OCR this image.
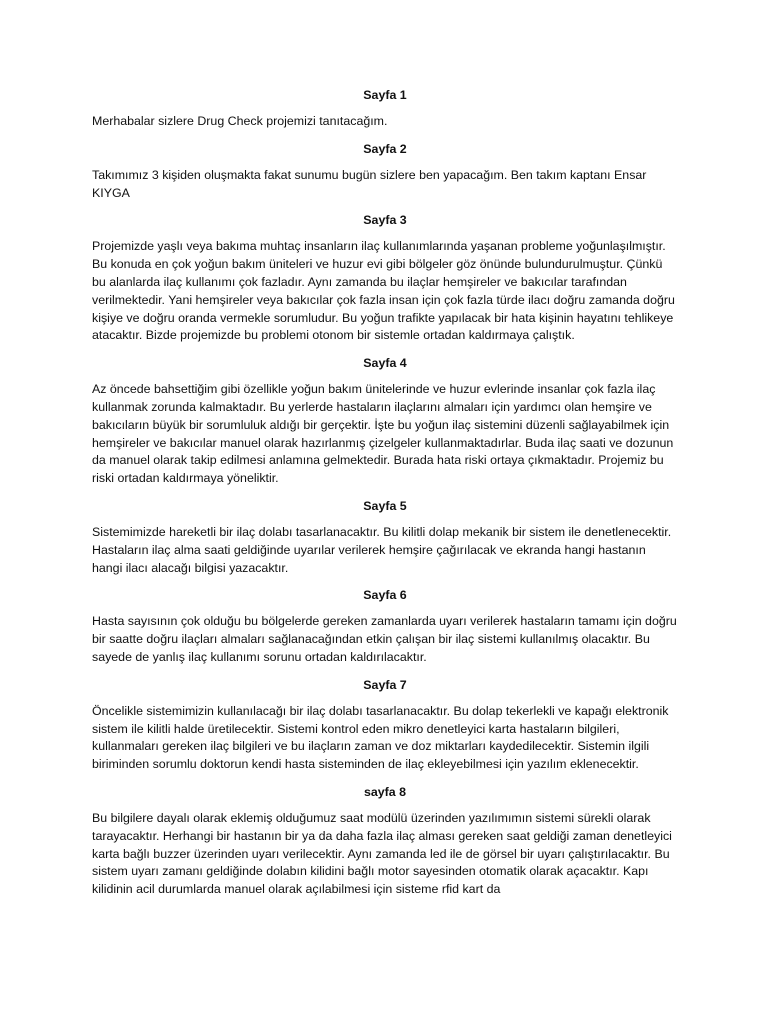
Sayfa 1

Merhabalar sizlere Drug Check projemizi tanıtacağım.

Sayfa 2

Takımımız 3 kişiden oluşmakta fakat sunumu bugün sizlere ben yapacağım. Ben takım kaptanı Ensar KIYGA

Sayfa 3

Projemizde yaşlı veya bakıma muhtaç insanların ilaç kullanımlarında yaşanan probleme yoğunlaşılmıştır. Bu konuda en çok yoğun bakım üniteleri ve huzur evi gibi bölgeler göz önünde bulundurulmuştur. Çünkü bu alanlarda ilaç kullanımı çok fazladır. Aynı zamanda bu ilaçlar hemşireler ve bakıcılar tarafından verilmektedir. Yani hemşireler veya bakıcılar çok fazla insan için çok fazla türde ilacı doğru zamanda doğru kişiye ve doğru oranda vermekle sorumludur. Bu yoğun trafikte yapılacak bir hata kişinin hayatını tehlikeye atacaktır. Bizde projemizde bu problemi otonom bir sistemle ortadan kaldırmaya çalıştık.

Sayfa 4

Az öncede bahsettiğim gibi özellikle yoğun bakım ünitelerinde ve huzur evlerinde insanlar çok fazla ilaç kullanmak zorunda kalmaktadır. Bu yerlerde hastaların ilaçlarını almaları için yardımcı olan hemşire ve bakıcıların büyük bir sorumluluk aldığı bir gerçektir. İşte bu yoğun ilaç sistemini düzenli sağlayabilmek için hemşireler ve bakıcılar manuel olarak hazırlanmış çizelgeler kullanmaktadırlar. Buda ilaç saati ve dozunun da manuel olarak takip edilmesi anlamına gelmektedir. Burada hata riski ortaya çıkmaktadır. Projemiz bu riski ortadan kaldırmaya yöneliktir.

Sayfa 5

Sistemimizde hareketli bir ilaç dolabı tasarlanacaktır. Bu kilitli dolap mekanik bir sistem ile denetlenecektir. Hastaların ilaç alma saati geldiğinde uyarılar verilerek hemşire çağırılacak ve ekranda hangi hastanın hangi ilacı alacağı bilgisi yazacaktır.

Sayfa 6

Hasta sayısının çok olduğu bu bölgelerde gereken zamanlarda uyarı verilerek hastaların tamamı için doğru bir saatte doğru ilaçları almaları sağlanacağından etkin çalışan bir ilaç sistemi kullanılmış olacaktır. Bu sayede de yanlış ilaç kullanımı sorunu ortadan kaldırılacaktır.

Sayfa 7

Öncelikle sistemimizin kullanılacağı bir ilaç dolabı tasarlanacaktır. Bu dolap tekerlekli ve kapağı elektronik sistem ile kilitli halde üretilecektir. Sistemi kontrol eden mikro denetleyici karta hastaların bilgileri, kullanmaları gereken ilaç bilgileri ve bu ilaçların zaman ve doz miktarları kaydedilecektir. Sistemin ilgili biriminden sorumlu doktorun kendi hasta sisteminden de ilaç ekleyebilmesi için yazılım eklenecektir.

sayfa 8

Bu bilgilere dayalı olarak eklemiş olduğumuz saat modülü üzerinden yazılımımın sistemi sürekli olarak tarayacaktır. Herhangi bir hastanın bir ya da daha fazla ilaç alması gereken saat geldiği zaman denetleyici karta bağlı buzzer üzerinden uyarı verilecektir. Aynı zamanda led ile de görsel bir uyarı çalıştırılacaktır. Bu sistem uyarı zamanı geldiğinde dolabın kilidini bağlı motor sayesinden otomatik olarak açacaktır. Kapı kilidinin acil durumlarda manuel olarak açılabilmesi için sisteme rfid kart da
